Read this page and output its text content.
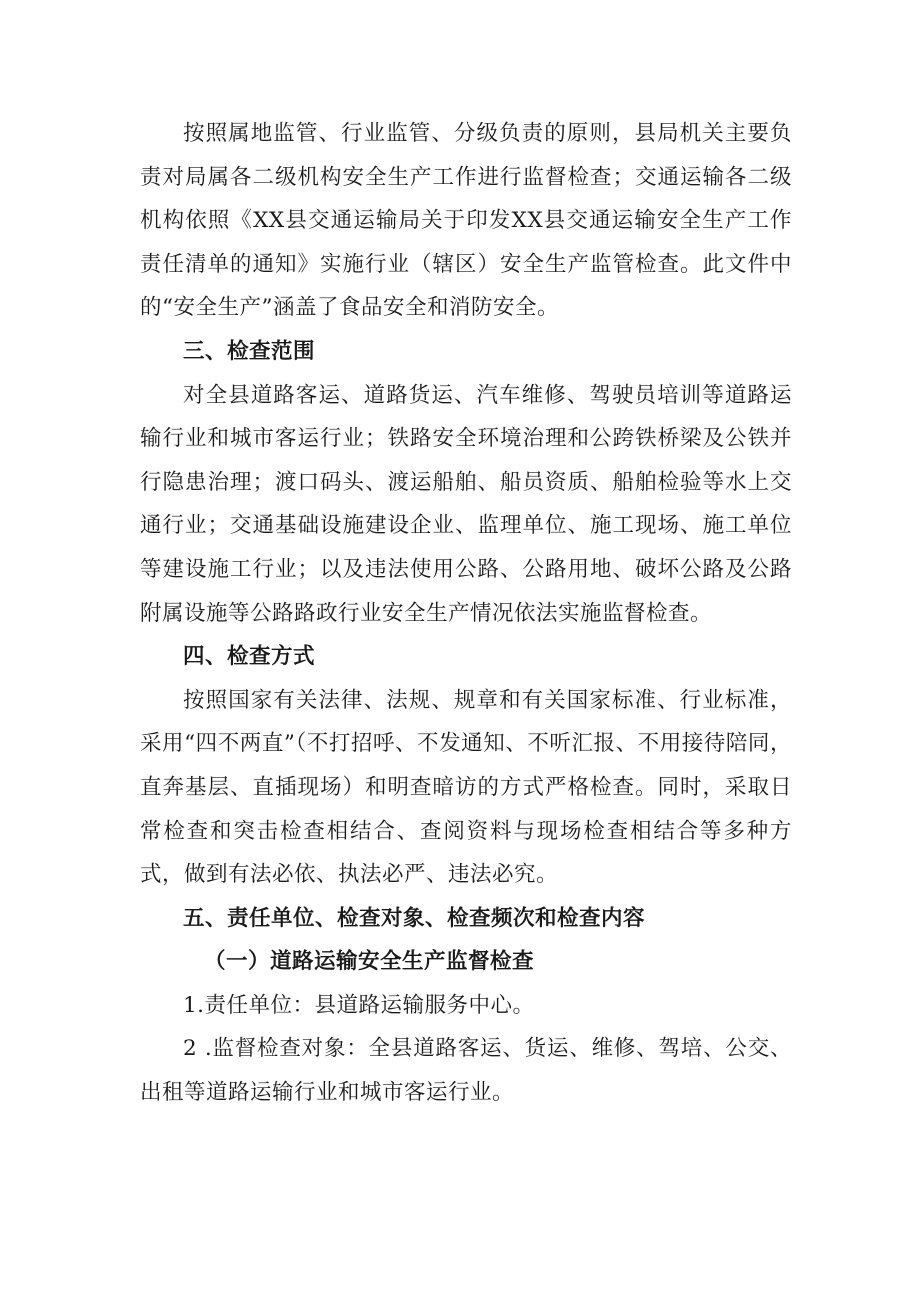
按照属地监管、行业监管、分级负责的原则，县局机关主要负责对局属各二级机构安全生产工作进行监督检查；交通运输各二级机构依照《XX县交通运输局关于印发XX县交通运输安全生产工作责任清单的通知》实施行业（辖区）安全生产监管检查。此文件中的“安全生产”涵盖了食品安全和消防安全。

三、检查范围

对全县道路客运、道路货运、汽车维修、驾驶员培训等道路运输行业和城市客运行业；铁路安全环境治理和公跨铁桥梁及公铁并行隐患治理；渡口码头、渡运船舶、船员资质、船舶检验等水上交通行业；交通基础设施建设企业、监理单位、施工现场、施工单位等建设施工行业；以及违法使用公路、公路用地、破坏公路及公路附属设施等公路路政行业安全生产情况依法实施监督检查。

四、检查方式

按照国家有关法律、法规、规章和有关国家标准、行业标准，采用“四不两直”（不打招呼、不发通知、不听汇报、不用接待陪同，直奔基层、直插现场）和明查暗访的方式严格检查。同时，采取日常检查和突击检查相结合、查阅资料与现场检查相结合等多种方式，做到有法必依、执法必严、违法必究。

五、责任单位、检查对象、检查频次和检查内容

（一）道路运输安全生产监督检查

1.责任单位：县道路运输服务中心。

2 .监督检查对象：全县道路客运、货运、维修、驾培、公交、出租等道路运输行业和城市客运行业。
